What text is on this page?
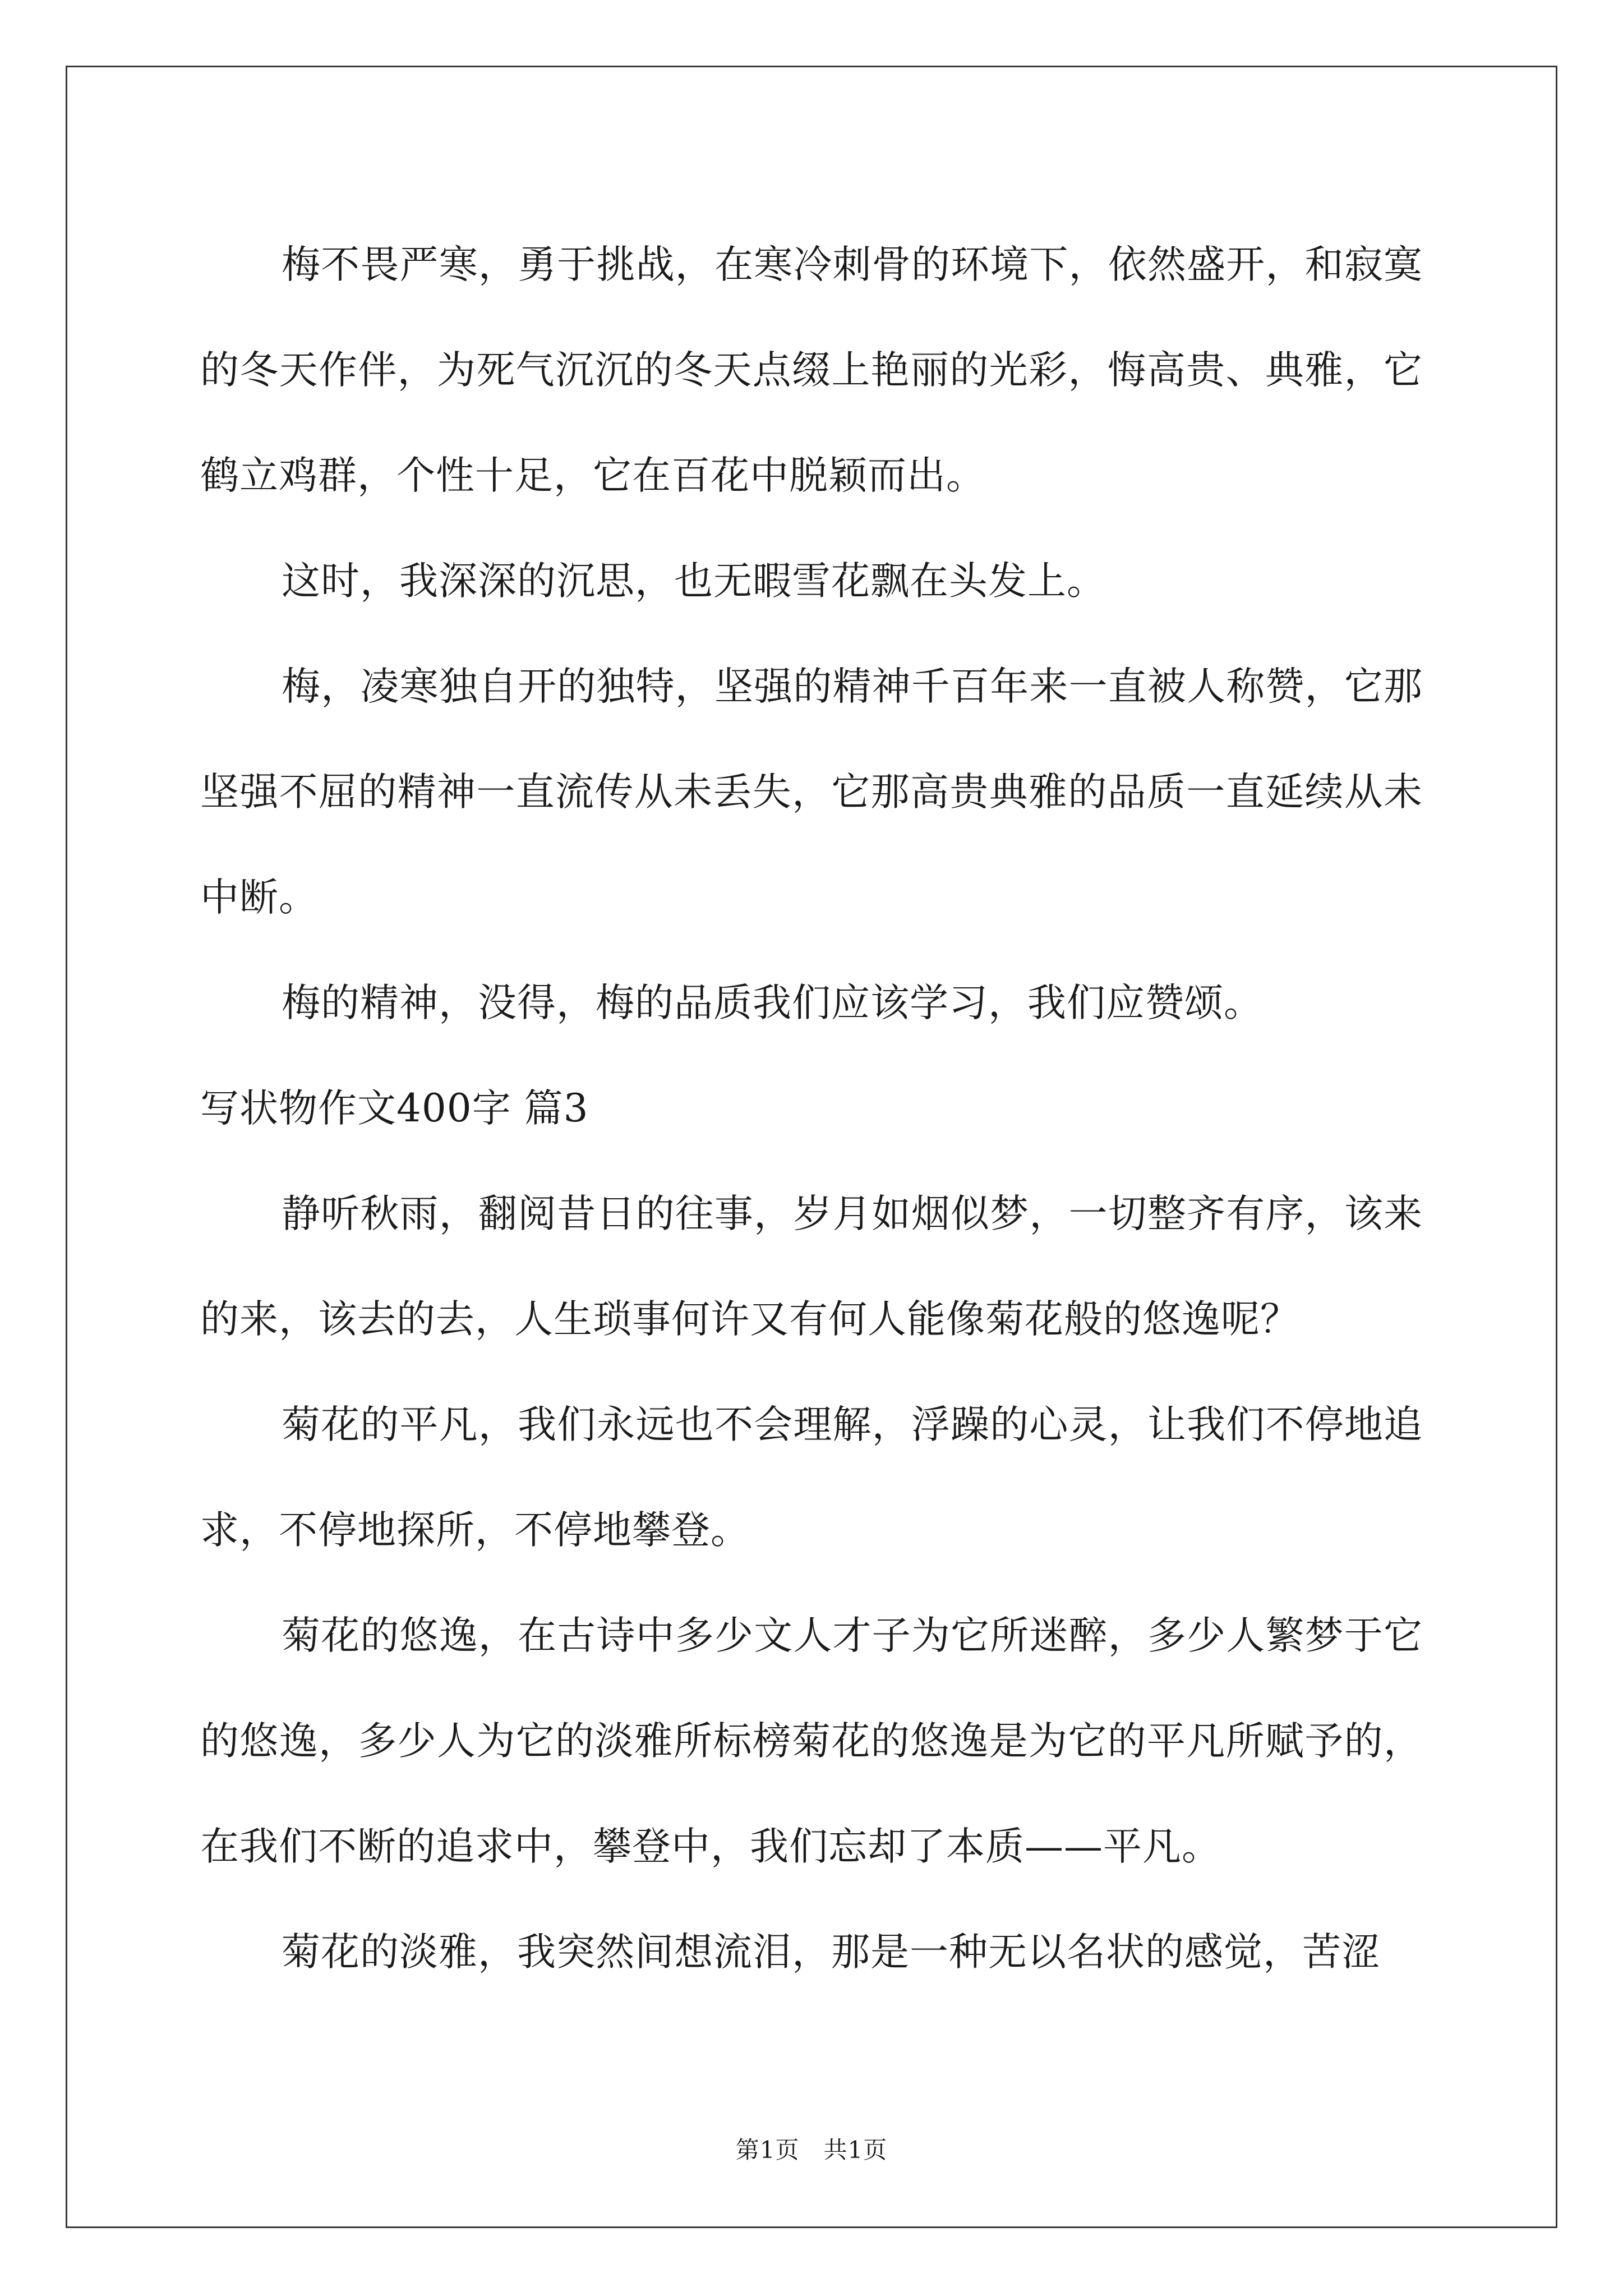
梅不畏严寒，勇于挑战，在寒冷刺骨的环境下，依然盛开，和寂寞的冬天作伴，为死气沉沉的冬天点缀上艳丽的光彩，悔高贵、典雅，它鹤立鸡群，个性十足，它在百花中脱颖而出。

这时，我深深的沉思，也无暇雪花飘在头发上。

梅，凌寒独自开的独特，坚强的精神千百年来一直被人称赞，它那坚强不屈的精神一直流传从未丢失，它那高贵典雅的品质一直延续从未中断。

梅的精神，没得，梅的品质我们应该学习，我们应赞颂。

写状物作文400字 篇3

静听秋雨，翻阅昔日的往事，岁月如烟似梦，一切整齐有序，该来的来，该去的去，人生琐事何许又有何人能像菊花般的悠逸呢？

菊花的平凡，我们永远也不会理解，浮躁的心灵，让我们不停地追求，不停地探所，不停地攀登。

菊花的悠逸，在古诗中多少文人才子为它所迷醉，多少人繁梦于它的悠逸，多少人为它的淡雅所标榜菊花的悠逸是为它的平凡所赋予的，在我们不断的追求中，攀登中，我们忘却了本质——平凡。

菊花的淡雅，我突然间想流泪，那是一种无以名状的感觉，苦涩

第1页　共1页
